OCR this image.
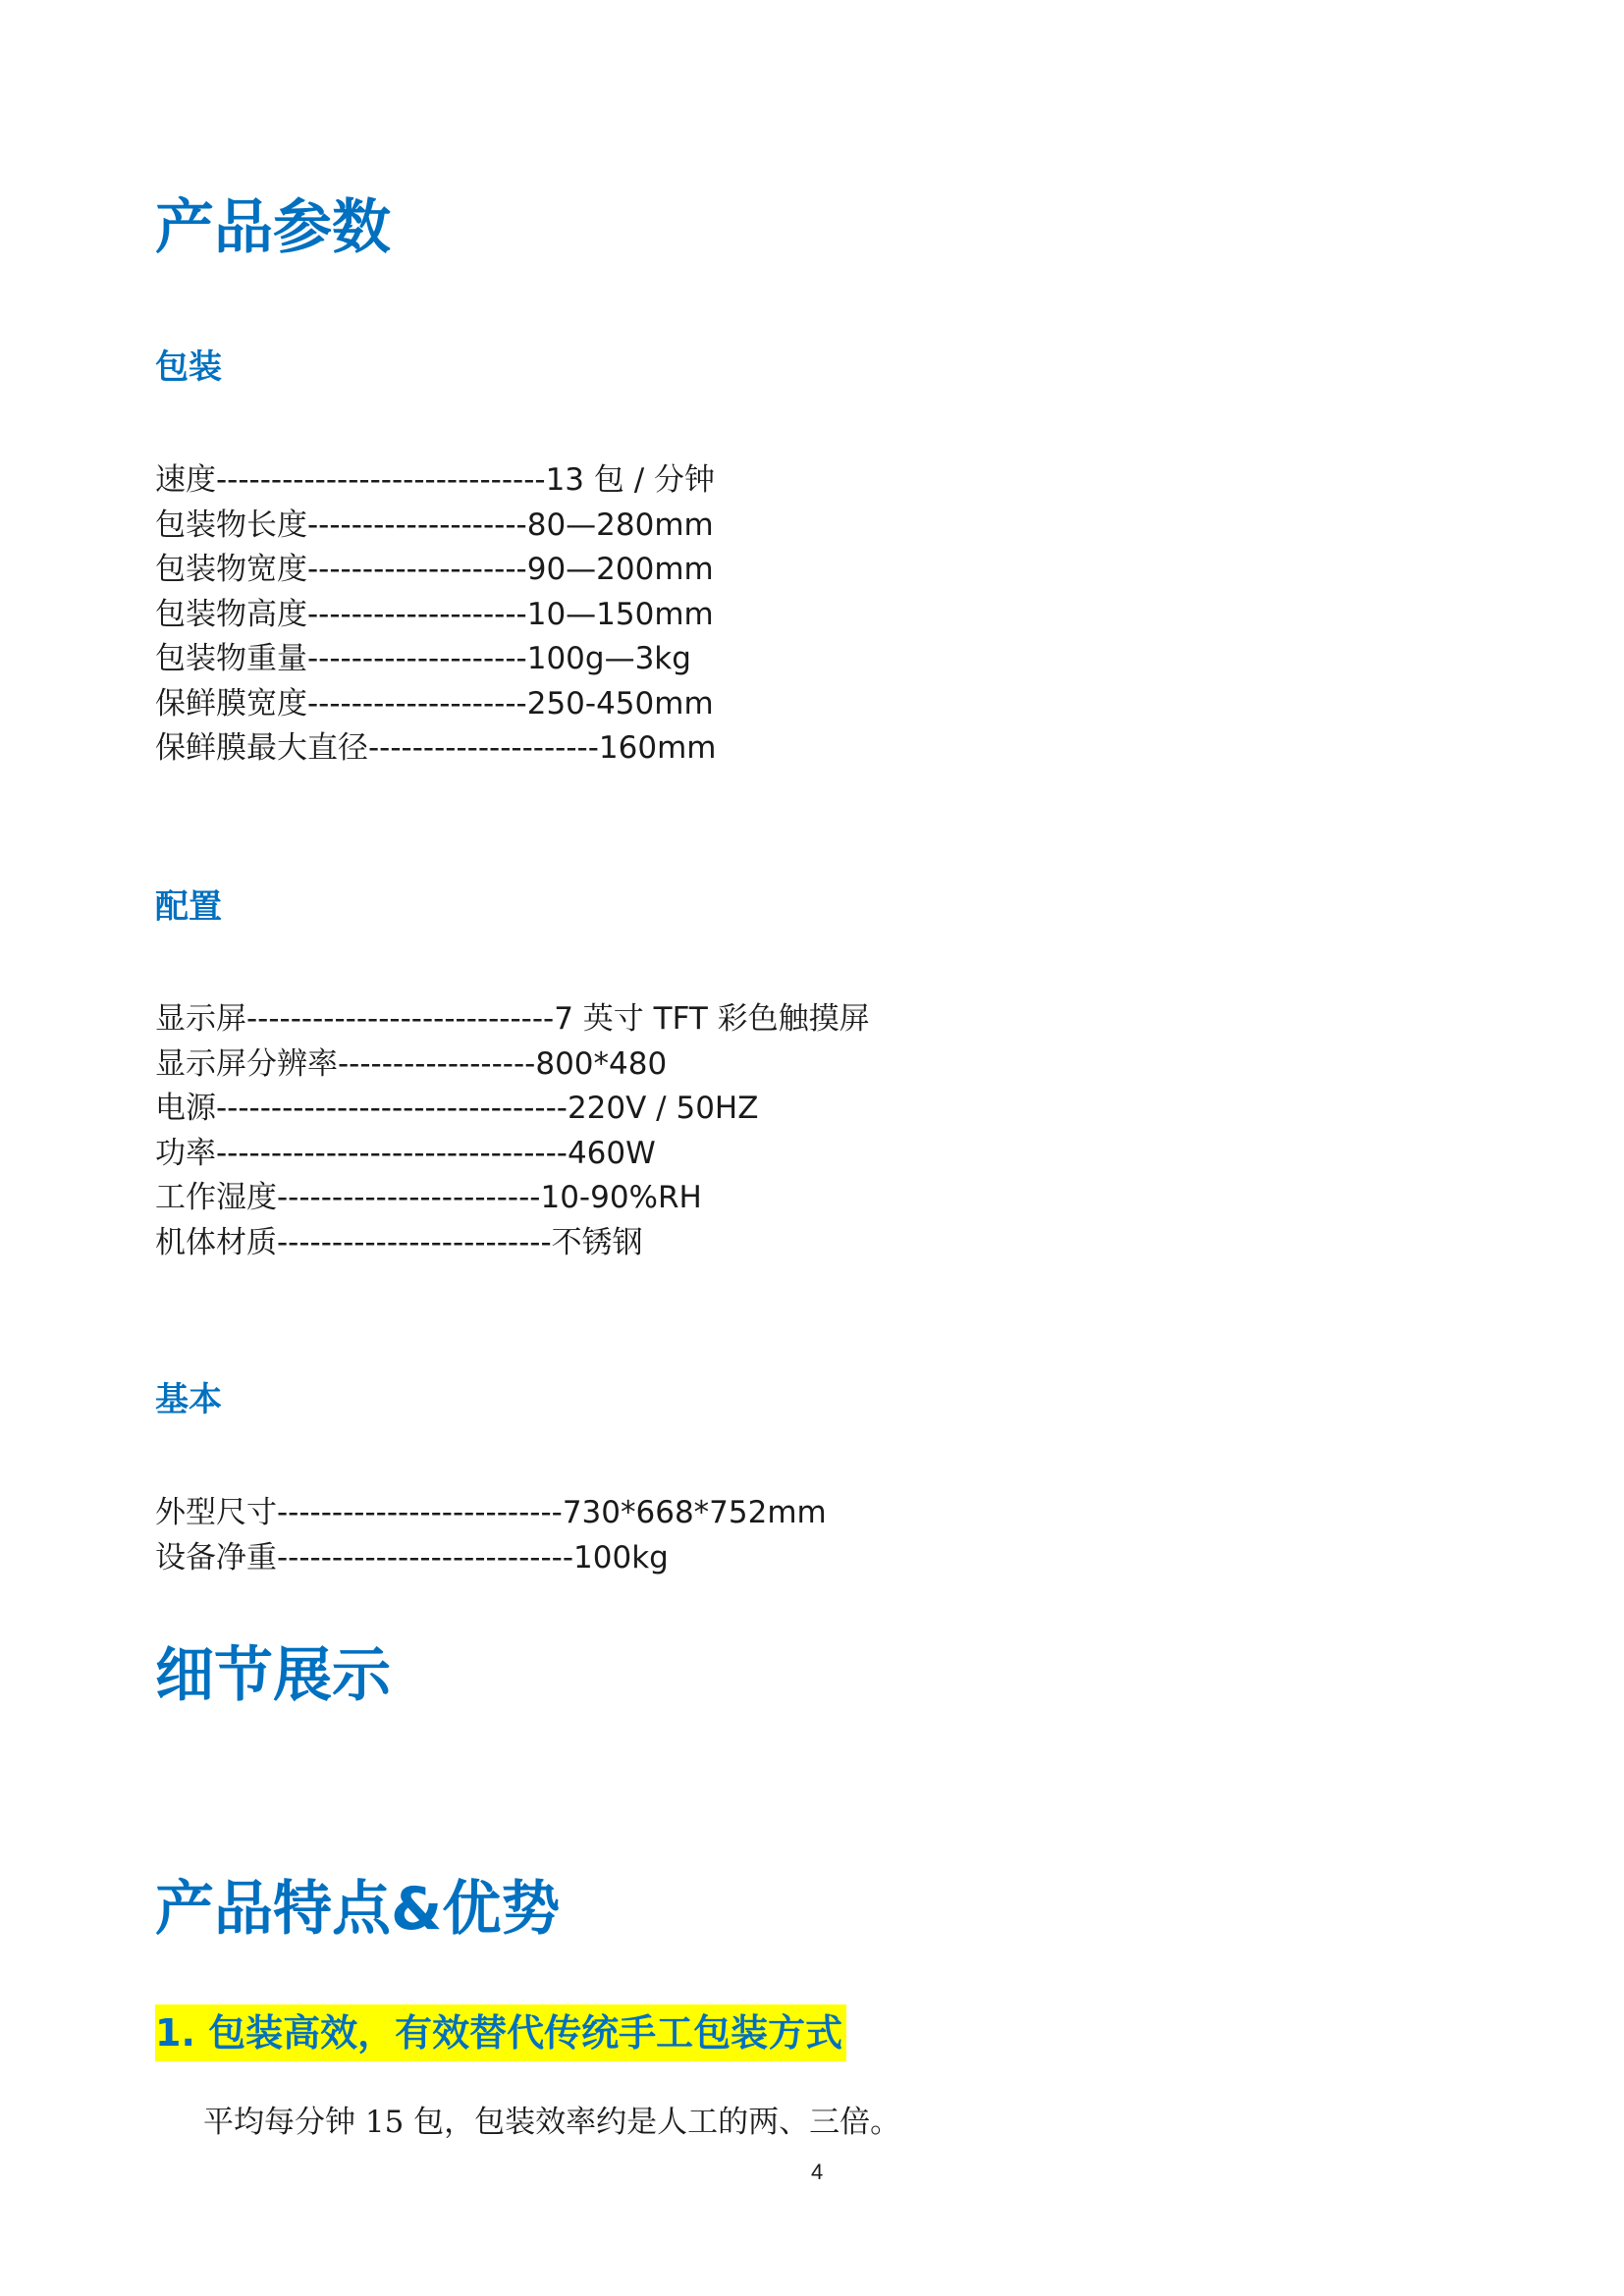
产品参数
包装
速度------------------------------13 包 / 分钟
包装物长度--------------------80—280mm
包装物宽度--------------------90—200mm
包装物高度--------------------10—150mm
包装物重量--------------------100g—3kg
保鲜膜宽度--------------------250-450mm
保鲜膜最大直径---------------------160mm
配置
显示屏----------------------------7 英寸 TFT 彩色触摸屏
显示屏分辨率------------------800*480
电源--------------------------------220V / 50HZ
功率--------------------------------460W
工作湿度------------------------10-90%RH
机体材质-------------------------不锈钢
基本
外型尺寸--------------------------730*668*752mm
设备净重---------------------------100kg
细节展示
产品特点&优势
1. 包装高效，有效替代传统手工包装方式

平均每分钟 15 包，包装效率约是人工的两、三倍。

4
